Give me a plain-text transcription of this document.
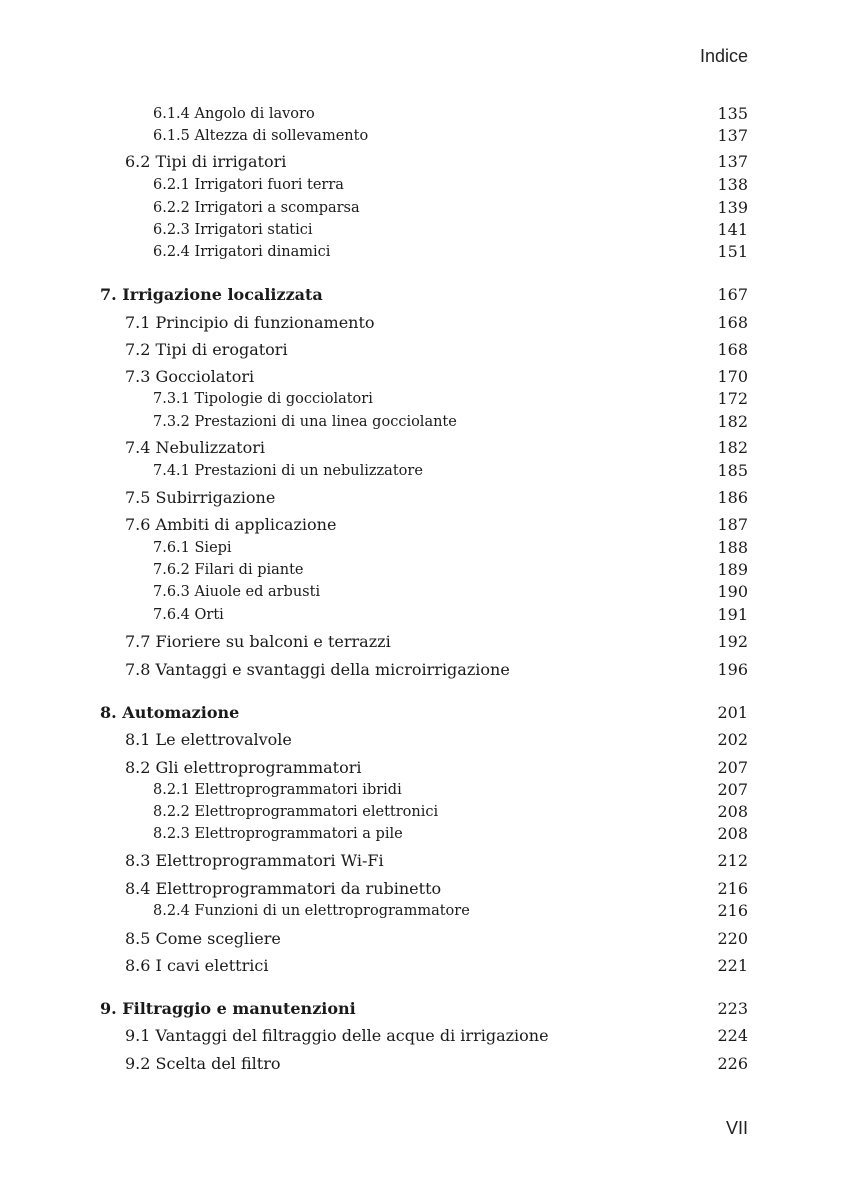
Indice
6.1.4 Angolo di lavoro	135
6.1.5 Altezza di sollevamento	137
6.2 Tipi di irrigatori	137
6.2.1 Irrigatori fuori terra	138
6.2.2 Irrigatori a scomparsa	139
6.2.3 Irrigatori statici	141
6.2.4 Irrigatori dinamici	151
7. Irrigazione localizzata	167
7.1 Principio di funzionamento	168
7.2 Tipi di erogatori	168
7.3 Gocciolatori	170
7.3.1 Tipologie di gocciolatori	172
7.3.2 Prestazioni di una linea gocciolante	182
7.4 Nebulizzatori	182
7.4.1 Prestazioni di un nebulizzatore	185
7.5 Subirrigazione	186
7.6 Ambiti di applicazione	187
7.6.1 Siepi	188
7.6.2 Filari di piante	189
7.6.3 Aiuole ed arbusti	190
7.6.4 Orti	191
7.7 Fioriere su balconi e terrazzi	192
7.8 Vantaggi e svantaggi della microirrigazione	196
8. Automazione	201
8.1 Le elettrovalvole	202
8.2 Gli elettroprogrammatori	207
8.2.1 Elettroprogrammatori ibridi	207
8.2.2 Elettroprogrammatori elettronici	208
8.2.3 Elettroprogrammatori a pile	208
8.3 Elettroprogrammatori Wi-Fi	212
8.4 Elettroprogrammatori da rubinetto	216
8.2.4 Funzioni di un elettroprogrammatore	216
8.5 Come scegliere	220
8.6 I cavi elettrici	221
9. Filtraggio e manutenzioni	223
9.1 Vantaggi del filtraggio delle acque di irrigazione	224
9.2 Scelta del filtro	226
VII
